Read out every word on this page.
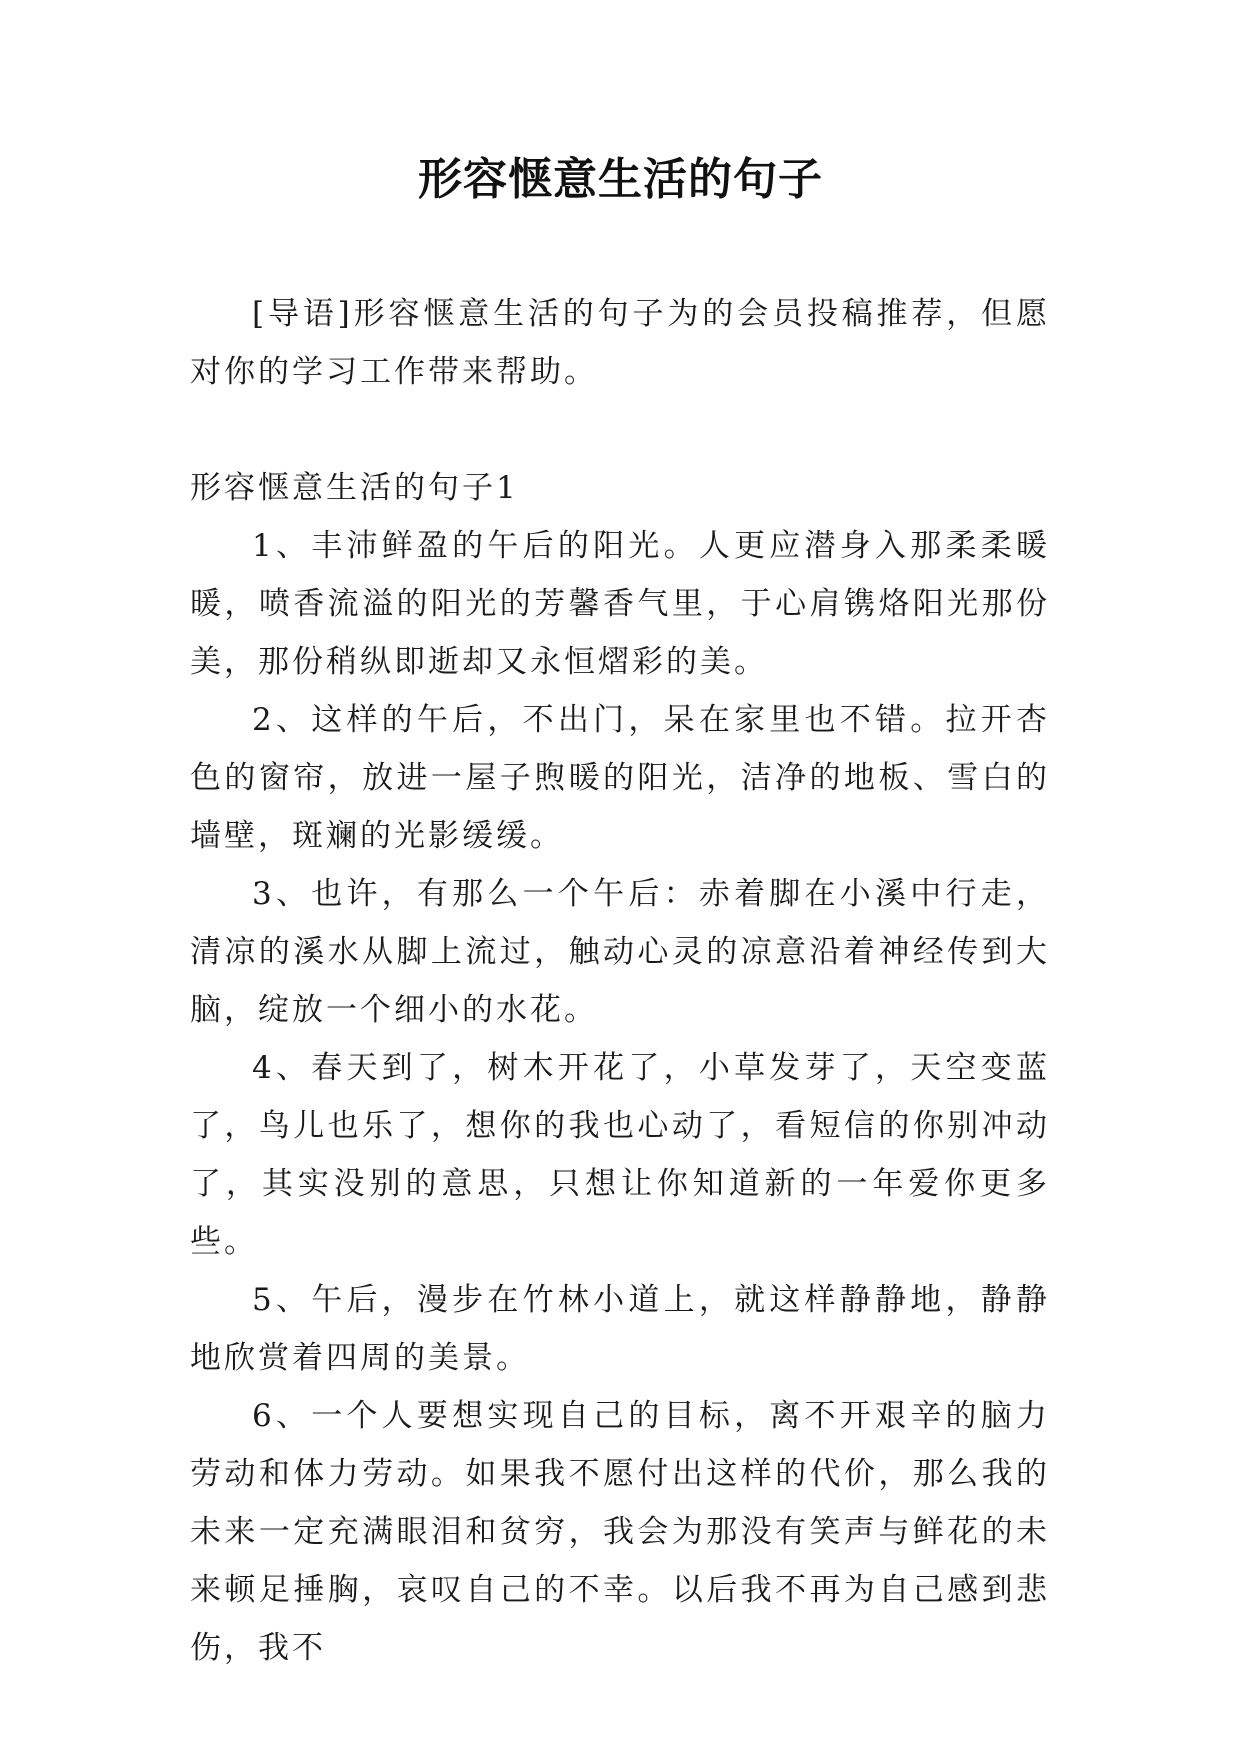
形容惬意生活的句子

[导语]形容惬意生活的句子为的会员投稿推荐，但愿对你的学习工作带来帮助。

形容惬意生活的句子1

1、丰沛鲜盈的午后的阳光。人更应潜身入那柔柔暖暖，喷香流溢的阳光的芳馨香气里，于心肩镌烙阳光那份美，那份稍纵即逝却又永恒熠彩的美。

2、这样的午后，不出门，呆在家里也不错。拉开杏色的窗帘，放进一屋子煦暖的阳光，洁净的地板、雪白的墙壁，斑斓的光影缓缓。

3、也许，有那么一个午后：赤着脚在小溪中行走，清凉的溪水从脚上流过，触动心灵的凉意沿着神经传到大脑，绽放一个细小的水花。

4、春天到了，树木开花了，小草发芽了，天空变蓝了，鸟儿也乐了，想你的我也心动了，看短信的你别冲动了，其实没别的意思，只想让你知道新的一年爱你更多些。

5、午后，漫步在竹林小道上，就这样静静地，静静地欣赏着四周的美景。

6、一个人要想实现自己的目标，离不开艰辛的脑力劳动和体力劳动。如果我不愿付出这样的代价，那么我的未来一定充满眼泪和贫穷，我会为那没有笑声与鲜花的未来顿足捶胸，哀叹自己的不幸。以后我不再为自己感到悲伤，我不
